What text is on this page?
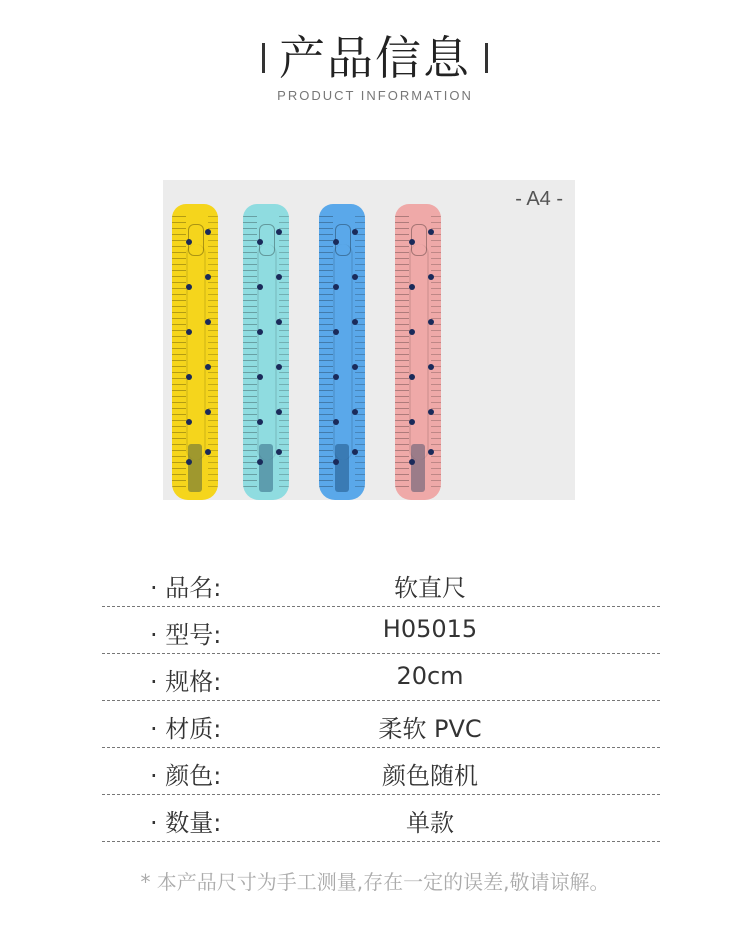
产品信息
PRODUCT INFORMATION
- A4 -
· 品名:	软直尺
· 型号:	H05015
· 规格:	20cm
· 材质:	柔软 PVC
· 颜色:	颜色随机
· 数量:	单款
* 本产品尺寸为手工测量,存在一定的误差,敬请谅解。
